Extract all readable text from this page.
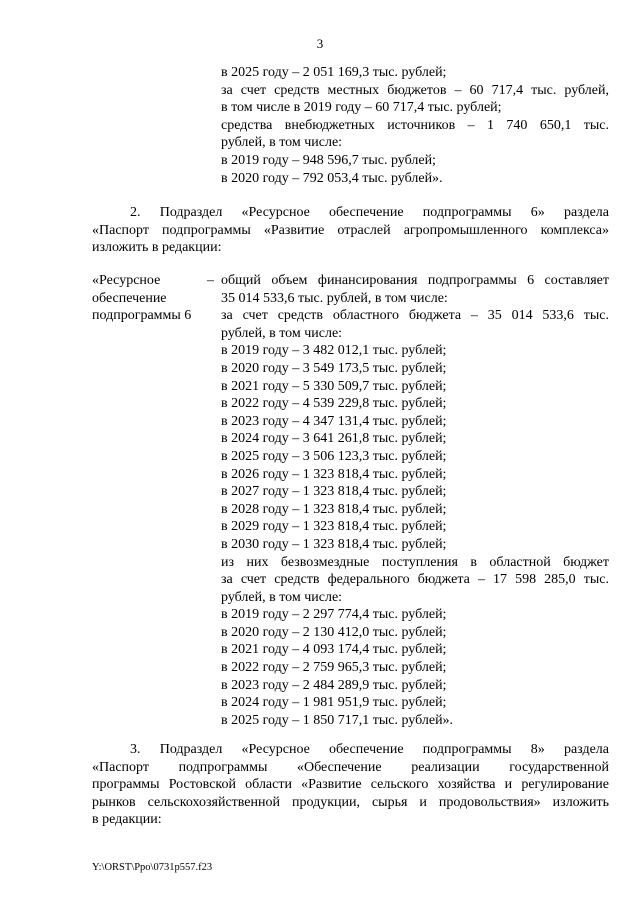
3
в 2025 году – 2 051 169,3 тыс. рублей;
за счет средств местных бюджетов – 60 717,4 тыс. рублей,
в том числе в 2019 году – 60 717,4 тыс. рублей;
средства внебюджетных источников – 1 740 650,1 тыс.
рублей, в том числе:
в 2019 году – 948 596,7 тыс. рублей;
в 2020 году – 792 053,4 тыс. рублей».
2. Подраздел «Ресурсное обеспечение подпрограммы 6» раздела
«Паспорт подпрограммы «Развитие отраслей агропромышленного комплекса»
изложить в редакции:
«Ресурсное	–
обеспечение
подпрограммы 6
общий объем финансирования подпрограммы 6 составляет
35 014 533,6 тыс. рублей, в том числе:
за счет средств областного бюджета – 35 014 533,6 тыс.
рублей, в том числе:
в 2019 году – 3 482 012,1 тыс. рублей;
в 2020 году – 3 549 173,5 тыс. рублей;
в 2021 году – 5 330 509,7 тыс. рублей;
в 2022 году – 4 539 229,8 тыс. рублей;
в 2023 году – 4 347 131,4 тыс. рублей;
в 2024 году – 3 641 261,8 тыс. рублей;
в 2025 году – 3 506 123,3 тыс. рублей;
в 2026 году – 1 323 818,4 тыс. рублей;
в 2027 году – 1 323 818,4 тыс. рублей;
в 2028 году – 1 323 818,4 тыс. рублей;
в 2029 году – 1 323 818,4 тыс. рублей;
в 2030 году – 1 323 818,4 тыс. рублей;
из них безвозмездные поступления в областной бюджет
за счет средств федерального бюджета – 17 598 285,0 тыс.
рублей, в том числе:
в 2019 году – 2 297 774,4 тыс. рублей;
в 2020 году – 2 130 412,0 тыс. рублей;
в 2021 году – 4 093 174,4 тыс. рублей;
в 2022 году – 2 759 965,3 тыс. рублей;
в 2023 году – 2 484 289,9 тыс. рублей;
в 2024 году – 1 981 951,9 тыс. рублей;
в 2025 году – 1 850 717,1 тыс. рублей».
3. Подраздел «Ресурсное обеспечение подпрограммы 8» раздела
«Паспорт подпрограммы «Обеспечение реализации государственной
программы Ростовской области «Развитие сельского хозяйства и регулирование
рынков сельскохозяйственной продукции, сырья и продовольствия» изложить
в редакции:
Y:\ORST\Ppo\0731p557.f23
